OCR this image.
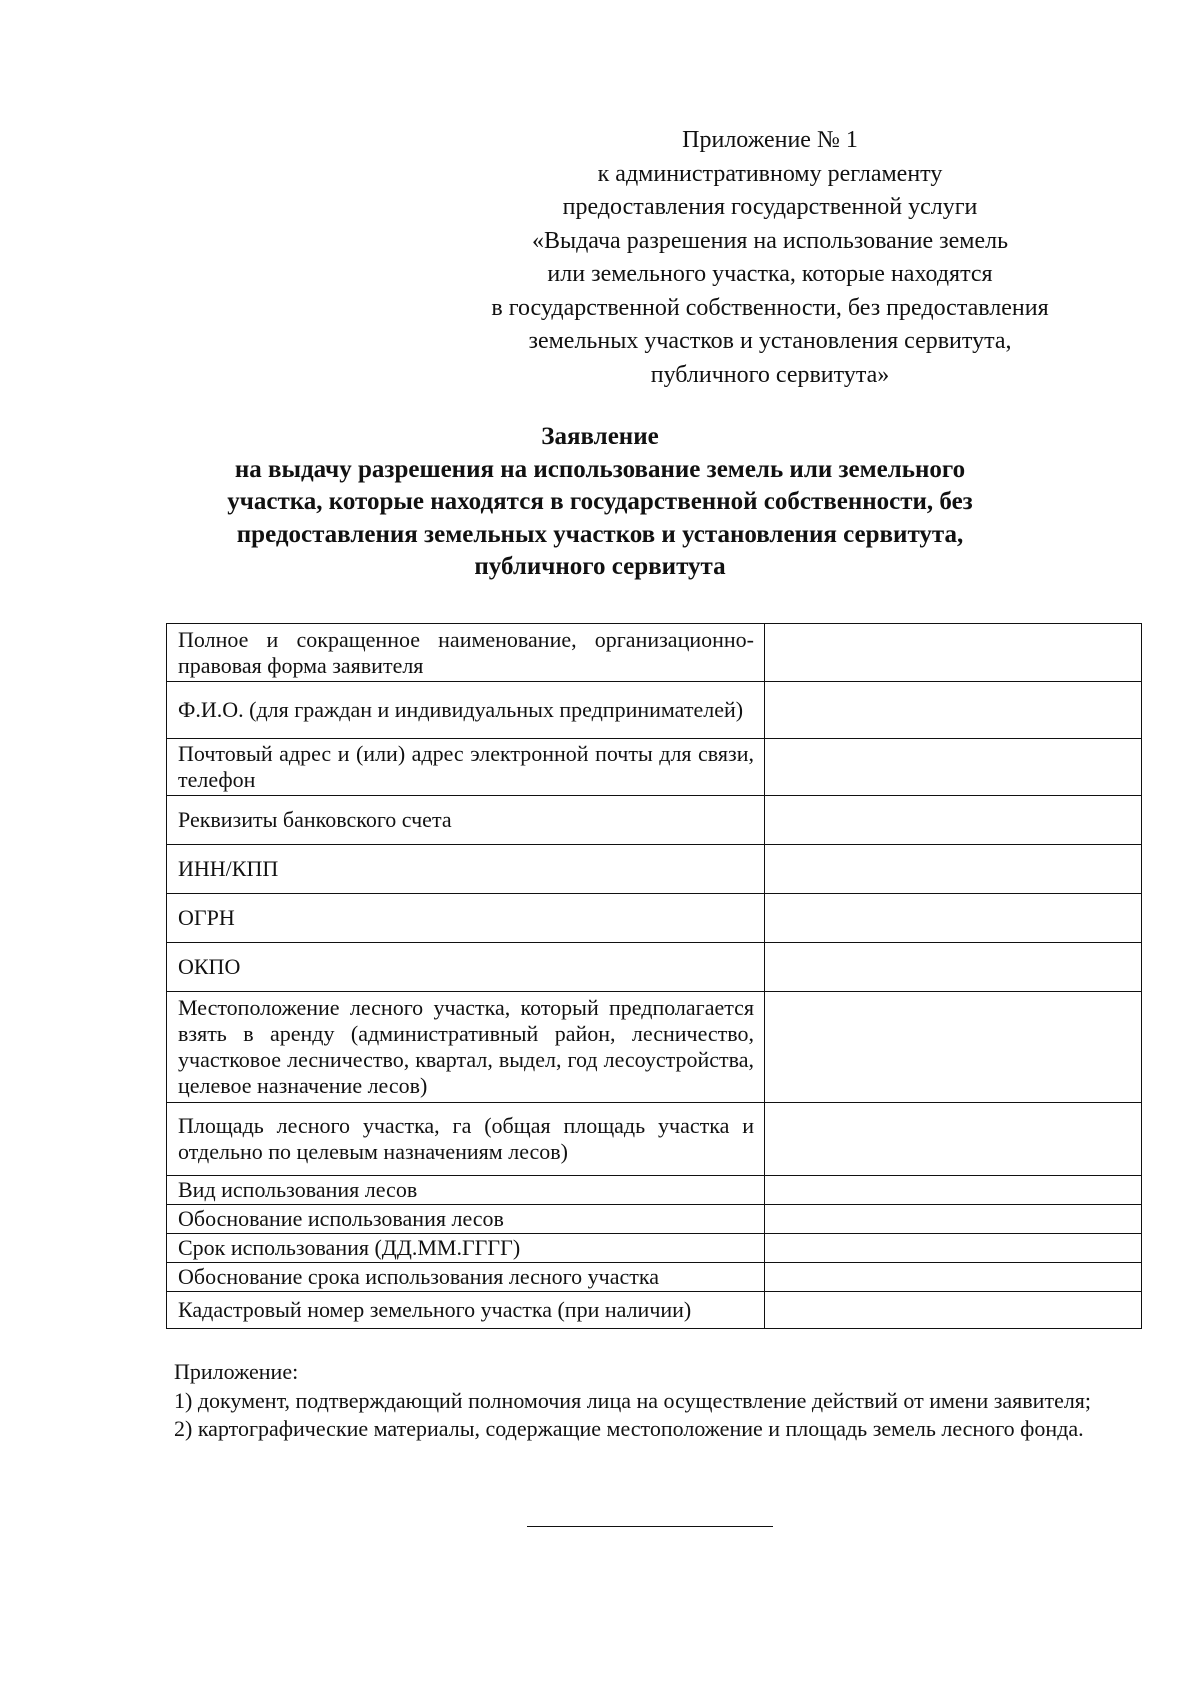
Приложение № 1
к административному регламенту
предоставления государственной услуги
«Выдача разрешения на использование земель
или земельного участка, которые находятся
в государственной собственности, без предоставления
земельных участков и установления сервитута,
публичного сервитута»
Заявление
на выдачу разрешения на использование земель или земельного
участка, которые находятся в государственной собственности, без
предоставления земельных участков и установления сервитута,
публичного сервитута
Полное и сокращенное наименование, организационно-правовая форма заявителя	
Ф.И.О. (для граждан и индивидуальных предпринимателей)	
Почтовый адрес и (или) адрес электронной почты для связи, телефон	
Реквизиты банковского счета	
ИНН/КПП	
ОГРН	
ОКПО	
Местоположение лесного участка, который предполагается взять в аренду (административный район, лесничество, участковое лесничество, квартал, выдел, год лесоустройства, целевое назначение лесов)	
Площадь лесного участка, га (общая площадь участка и отдельно по целевым назначениям лесов)	
Вид использования лесов	
Обоснование использования лесов	
Срок использования (ДД.ММ.ГГГГ)	
Обоснование срока использования лесного участка	
Кадастровый номер земельного участка (при наличии)	
Приложение:
1) документ, подтверждающий полномочия лица на осуществление действий от имени заявителя;
2) картографические материалы, содержащие местоположение и площадь земель лесного фонда.
